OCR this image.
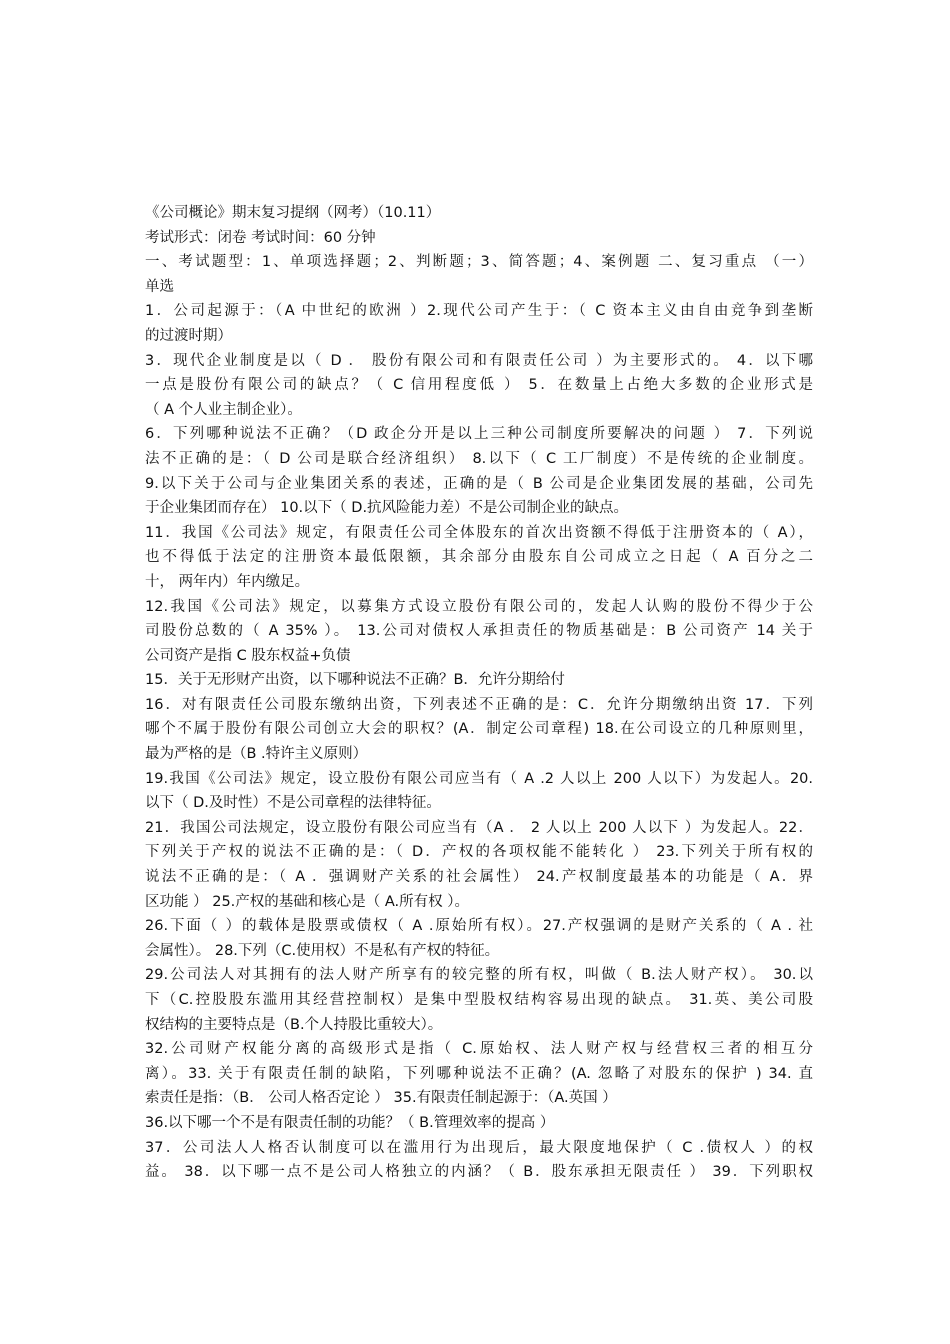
《公司概论》期末复习提纲（网考）（10.11）
考试形式：闭卷 考试时间：60 分钟
一、考试题型：1、单项选择题；2、判断题；3、简答题；4、案例题 二、复习重点 （一）
单选
1．公司起源于：（A 中世纪的欧洲 ）2.现代公司产生于：（ C 资本主义由自由竞争到垄断
的过渡时期）
3．现代企业制度是以（ D ． 股份有限公司和有限责任公司 ）为主要形式的。 4．以下哪
一点是股份有限公司的缺点？（ C 信用程度低 ） 5．在数量上占绝大多数的企业形式是
（ A 个人业主制企业）。
6．下列哪种说法不正确？（D 政企分开是以上三种公司制度所要解决的问题 ） 7．下列说
法不正确的是：（ D 公司是联合经济组织） 8.以下（ C 工厂制度）不是传统的企业制度。
9.以下关于公司与企业集团关系的表述，正确的是（ B 公司是企业集团发展的基础，公司先
于企业集团而存在） 10.以下（ D.抗风险能力差）不是公司制企业的缺点。
11．我国《公司法》规定，有限责任公司全体股东的首次出资额不得低于注册资本的（ A），
也不得低于法定的注册资本最低限额，其余部分由股东自公司成立之日起（ A 百分之二
十， 两年内）年内缴足。
12.我国《公司法》规定，以募集方式设立股份有限公司的，发起人认购的股份不得少于公
司股份总数的（ A 35% ）。 13.公司对债权人承担责任的物质基础是：B 公司资产 14 关于
公司资产是指 C 股东权益+负债
15．关于无形财产出资，以下哪种说法不正确？B．允许分期给付
16．对有限责任公司股东缴纳出资，下列表述不正确的是：C．允许分期缴纳出资 17．下列
哪个不属于股份有限公司创立大会的职权？(A．制定公司章程) 18.在公司设立的几种原则里，
最为严格的是（B .特许主义原则）
19.我国《公司法》规定，设立股份有限公司应当有（ A .2 人以上 200 人以下）为发起人。20.
以下（ D.及时性）不是公司章程的法律特征。
21．我国公司法规定，设立股份有限公司应当有（A ． 2 人以上 200 人以下 ）为发起人。22．
下列关于产权的说法不正确的是：（ D．产权的各项权能不能转化 ） 23.下列关于所有权的
说法不正确的是：（ A ．强调财产关系的社会属性） 24.产权制度最基本的功能是（ A．界
区功能 ） 25.产权的基础和核心是（ A.所有权 ）。
26.下面（ ）的载体是股票或债权（ A .原始所有权）。27.产权强调的是财产关系的（ A . 社
会属性）。 28.下列（C.使用权）不是私有产权的特征。
29.公司法人对其拥有的法人财产所享有的较完整的所有权，叫做（ B.法人财产权）。 30.以
下（C.控股股东滥用其经营控制权）是集中型股权结构容易出现的缺点。 31.英、美公司股
权结构的主要特点是（B.个人持股比重较大）。
32.公司财产权能分离的高级形式是指（ C.原始权、法人财产权与经营权三者的相互分
离）。33. 关于有限责任制的缺陷，下列哪种说法不正确？(A. 忽略了对股东的保护 ) 34. 直
索责任是指：（B． 公司人格否定论 ） 35.有限责任制起源于：（A.英国 ）
36.以下哪一个不是有限责任制的功能？（ B.管理效率的提高 ）
37．公司法人人格否认制度可以在滥用行为出现后，最大限度地保护（ C .债权人 ）的权
益。 38．以下哪一点不是公司人格独立的内涵？（ B．股东承担无限责任 ） 39．下列职权
